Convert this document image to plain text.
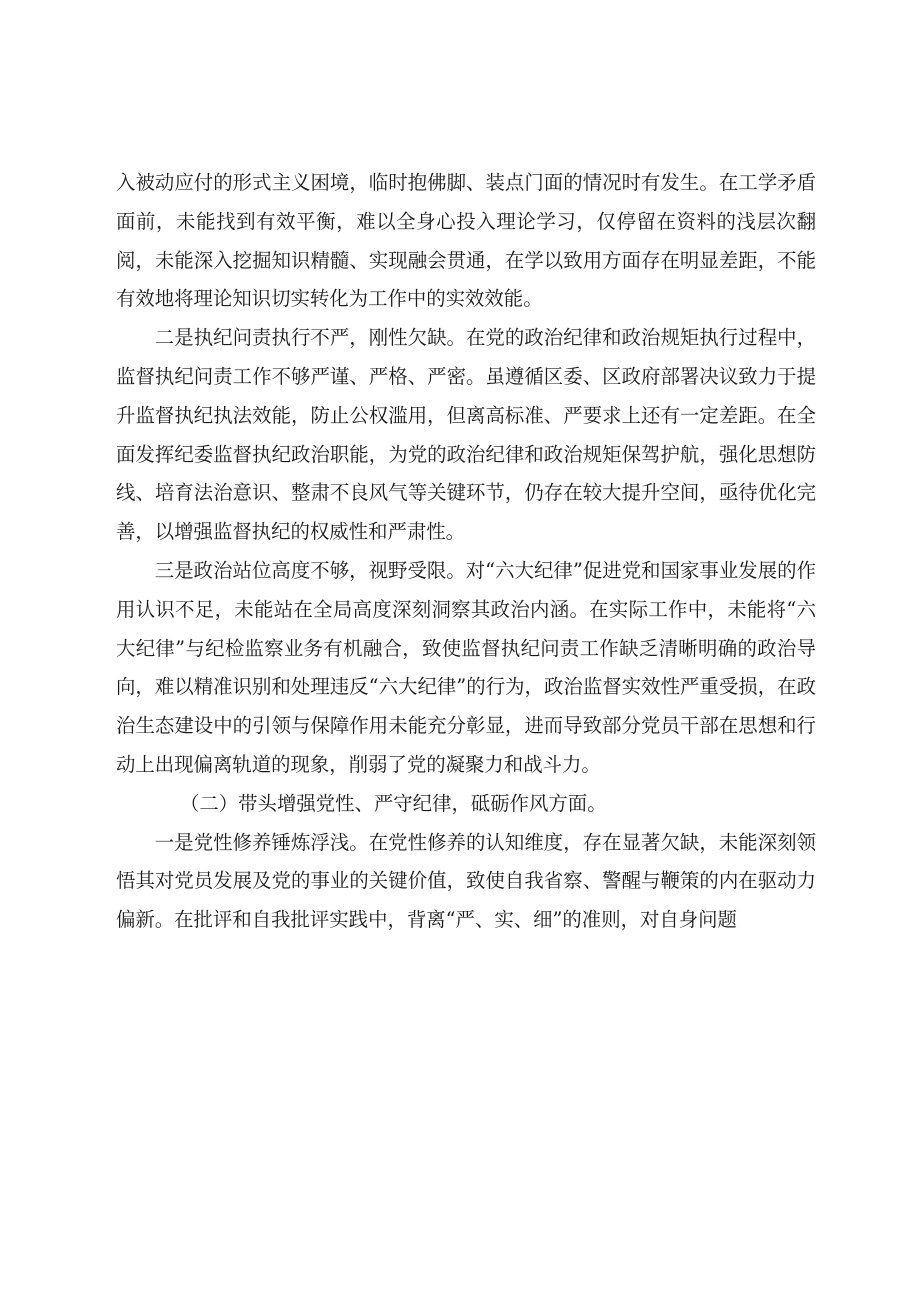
入被动应付的形式主义困境，临时抱佛脚、装点门面的情况时有发生。在工学矛盾面前，未能找到有效平衡，难以全身心投入理论学习，仅停留在资料的浅层次翻阅，未能深入挖掘知识精髓、实现融会贯通，在学以致用方面存在明显差距，不能有效地将理论知识切实转化为工作中的实效效能。

二是执纪问责执行不严，刚性欠缺。在党的政治纪律和政治规矩执行过程中，监督执纪问责工作不够严谨、严格、严密。虽遵循区委、区政府部署决议致力于提升监督执纪执法效能，防止公权滥用，但离高标准、严要求上还有一定差距。在全面发挥纪委监督执纪政治职能，为党的政治纪律和政治规矩保驾护航，强化思想防线、培育法治意识、整肃不良风气等关键环节，仍存在较大提升空间，亟待优化完善，以增强监督执纪的权威性和严肃性。

三是政治站位高度不够，视野受限。对“六大纪律”促进党和国家事业发展的作用认识不足，未能站在全局高度深刻洞察其政治内涵。在实际工作中，未能将“六大纪律”与纪检监察业务有机融合，致使监督执纪问责工作缺乏清晰明确的政治导向，难以精准识别和处理违反“六大纪律”的行为，政治监督实效性严重受损，在政治生态建设中的引领与保障作用未能充分彰显，进而导致部分党员干部在思想和行动上出现偏离轨道的现象，削弱了党的凝聚力和战斗力。

（二）带头增强党性、严守纪律，砥砺作风方面。

一是党性修养锤炼浮浅。在党性修养的认知维度，存在显著欠缺，未能深刻领悟其对党员发展及党的事业的关键价值，致使自我省察、警醒与鞭策的内在驱动力偏新。在批评和自我批评实践中，背离“严、实、细”的准则，对自身问题
